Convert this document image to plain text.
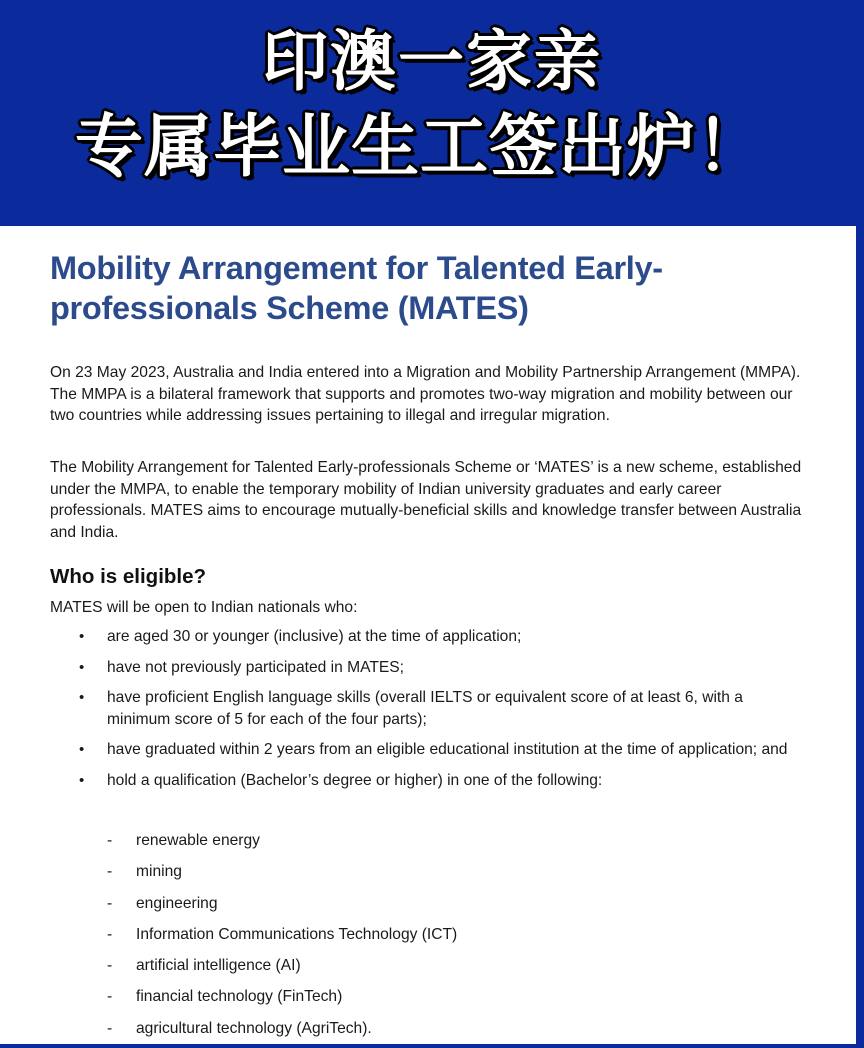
印澳一家亲
专属毕业生工签出炉！
Mobility Arrangement for Talented Early-professionals Scheme (MATES)

On 23 May 2023, Australia and India entered into a Migration and Mobility Partnership Arrangement (MMPA). The MMPA is a bilateral framework that supports and promotes two-way migration and mobility between our two countries while addressing issues pertaining to illegal and irregular migration.

The Mobility Arrangement for Talented Early-professionals Scheme or ‘MATES’ is a new scheme, established under the MMPA, to enable the temporary mobility of Indian university graduates and early career professionals. MATES aims to encourage mutually-beneficial skills and knowledge transfer between Australia and India.

Who is eligible?

MATES will be open to Indian nationals who:

• are aged 30 or younger (inclusive) at the time of application;
• have not previously participated in MATES;
• have proficient English language skills (overall IELTS or equivalent score of at least 6, with a minimum score of 5 for each of the four parts);
• have graduated within 2 years from an eligible educational institution at the time of application; and
• hold a qualification (Bachelor’s degree or higher) in one of the following:
- renewable energy
- mining
- engineering
- Information Communications Technology (ICT)
- artificial intelligence (AI)
- financial technology (FinTech)
- agricultural technology (AgriTech).
